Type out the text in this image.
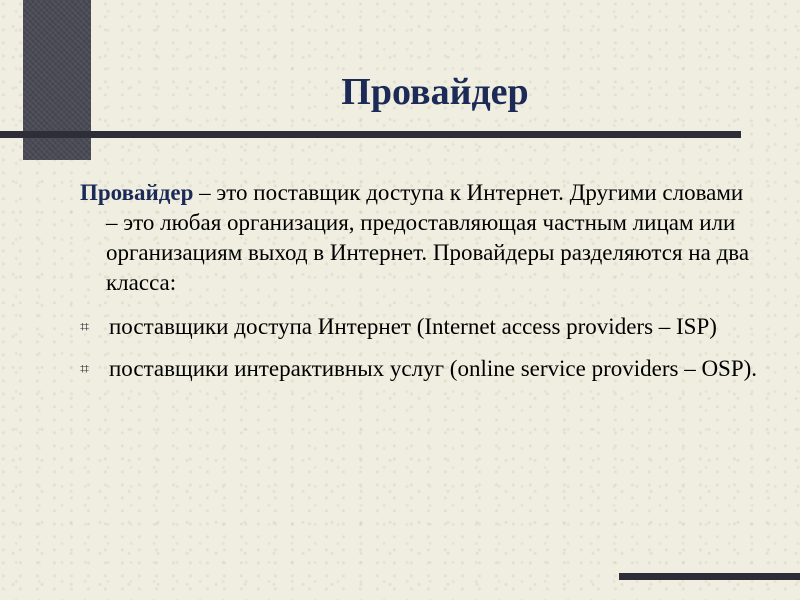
Провайдер

Провайдер – это поставщик доступа к Интернет. Другими словами – это любая организация, предоставляющая частным лицам или организациям выход в Интернет. Провайдеры разделяются на два класса:

⌗ поставщики доступа Интернет (Internet access providers – ISP)
⌗ поставщики интерактивных услуг (online service providers – OSP).
